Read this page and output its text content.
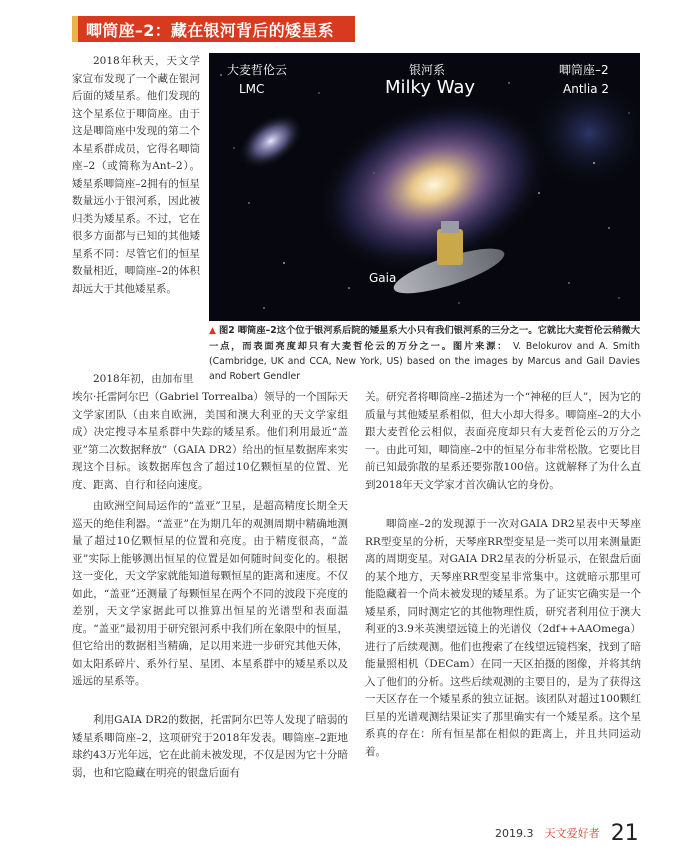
唧筒座–2：藏在银河背后的矮星系

2018年秋天，天文学家宣布发现了一个藏在银河后面的矮星系。他们发现的这个星系位于唧筒座。由于这是唧筒座中发现的第二个本星系群成员，它得名唧筒座–2（或简称为Ant–2）。矮星系唧筒座–2拥有的恒星数量远小于银河系，因此被归类为矮星系。不过，它在很多方面都与已知的其他矮星系不同：尽管它们的恒星数量相近，唧筒座–2的体积却远大于其他矮星系。

2018年初，由加布里

大麦哲伦云
LMC
银河系
Milky Way
唧筒座–2
Antlia 2
Gaia
▲ 图2 唧筒座–2这个位于银河系后院的矮星系大小只有我们银河系的三分之一。它就比大麦哲伦云稍微大一点，而表面亮度却只有大麦哲伦云的万分之一。图片来源： V. Belokurov and A. Smith (Cambridge, UK and CCA, New York, US) based on the images by Marcus and Gail Davies and Robert Gendler

埃尔·托雷阿尔巴（Gabriel Torrealba）领导的一个国际天文学家团队（由来自欧洲，美国和澳大利亚的天文学家组成）决定搜寻本星系群中失踪的矮星系。他们利用最近“盖亚”第二次数据释放”（GAIA DR2）给出的恒星数据库来实现这个目标。该数据库包含了超过10亿颗恒星的位置、光度、距离、自行和径向速度。

由欧洲空间局运作的“盖亚”卫星，是超高精度长期全天巡天的绝佳利器。“盖亚”在为期几年的观测周期中精确地测量了超过10亿颗恒星的位置和亮度。由于精度很高，“盖亚”实际上能够测出恒星的位置是如何随时间变化的。根据这一变化，天文学家就能知道每颗恒星的距离和速度。不仅如此，“盖亚”还测量了每颗恒星在两个不同的波段下亮度的差别，天文学家据此可以推算出恒星的光谱型和表面温度。“盖亚”最初用于研究银河系中我们所在象限中的恒星，但它给出的数据相当精确，足以用来进一步研究其他天体，如太阳系碎片、系外行星、星团、本星系群中的矮星系以及遥远的星系等。

利用GAIA DR2的数据，托雷阿尔巴等人发现了暗弱的矮星系唧筒座–2，这项研究于2018年发表。唧筒座–2距地球约43万光年远，它在此前未被发现，不仅是因为它十分暗弱，也和它隐藏在明亮的银盘后面有

关。研究者将唧筒座–2描述为一个“神秘的巨人”，因为它的质量与其他矮星系相似，但大小却大得多。唧筒座–2的大小跟大麦哲伦云相似，表面亮度却只有大麦哲伦云的万分之一。由此可知，唧筒座–2中的恒星分布非常松散。它要比目前已知最弥散的星系还要弥散100倍。这就解释了为什么直到2018年天文学家才首次确认它的身份。

唧筒座–2的发现源于一次对GAIA DR2星表中天琴座RR型变星的分析，天琴座RR型变星是一类可以用来测量距离的周期变星。对GAIA DR2星表的分析显示，在银盘后面的某个地方，天琴座RR型变星非常集中。这就暗示那里可能隐藏着一个尚未被发现的矮星系。为了证实它确实是一个矮星系，同时测定它的其他物理性质，研究者利用位于澳大利亚的3.9米英澳望远镜上的光谱仪（2df++AAOmega）进行了后续观测。他们也搜索了在线望远镜档案，找到了暗能量照相机（DECam）在同一天区拍摄的图像，并将其纳入了他们的分析。这些后续观测的主要目的，是为了获得这一天区存在一个矮星系的独立证据。该团队对超过100颗红巨星的光谱观测结果证实了那里确实有一个矮星系。这个星系真的存在：所有恒星都在相似的距离上，并且共同运动着。

2019.3 天文爱好者 21
